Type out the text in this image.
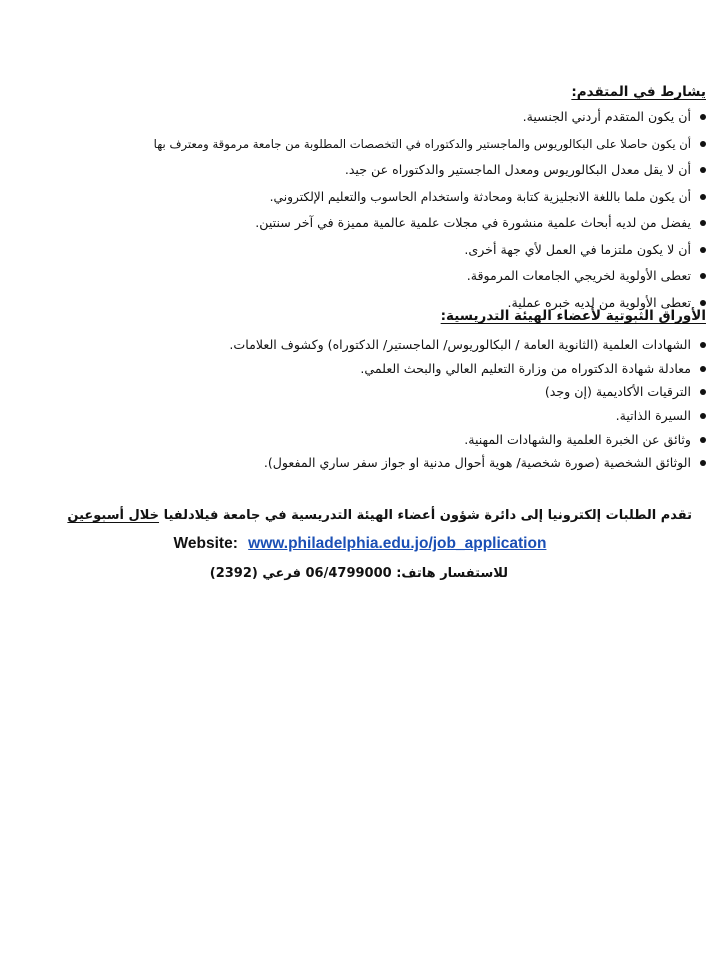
يشارط في المتقدم:
أن يكون المتقدم أردني الجنسية.
أن يكون حاصلا على البكالوريوس والماجستير والدكتوراه في التخصصات المطلوبة من جامعة مرموقة ومعترف بها
أن لا يقل معدل البكالوريوس ومعدل الماجستير والدكتوراه عن جيد.
أن يكون ملما باللغة الانجليزية كتابة ومحادثة واستخدام الحاسوب والتعليم الإلكتروني.
يفضل من لديه أبحاث علمية منشورة في مجلات علمية عالمية مميزة في آخر سنتين.
أن لا يكون ملتزما في العمل لأي جهة أخرى.
تعطى الأولوية لخريجي الجامعات المرموقة.
تعطى الأولوية من لديه خبره عملية.
الأوراق الثبوتية لأعضاء الهيئة التدريسية:
الشهادات العلمية (الثانوية العامة / البكالوريوس/ الماجستير/ الدكتوراه) وكشوف العلامات.
معادلة شهادة الدكتوراه من وزارة التعليم العالي والبحث العلمي.
الترقيات الأكاديمية (إن وجد)
السيرة الذاتية.
وثائق عن الخبرة العلمية والشهادات المهنية.
الوثائق الشخصية (صورة شخصية/ هوية أحوال مدنية او جواز سفر ساري المفعول).
تقدم الطلبات إلكترونيا إلى دائرة شؤون أعضاء الهيئة التدريسية في جامعة فيلادلفيا خلال أسبوعين
Website: www.philadelphia.edu.jo/job_application
للاستفسار هاتف: 06/4799000 فرعي (2392)
